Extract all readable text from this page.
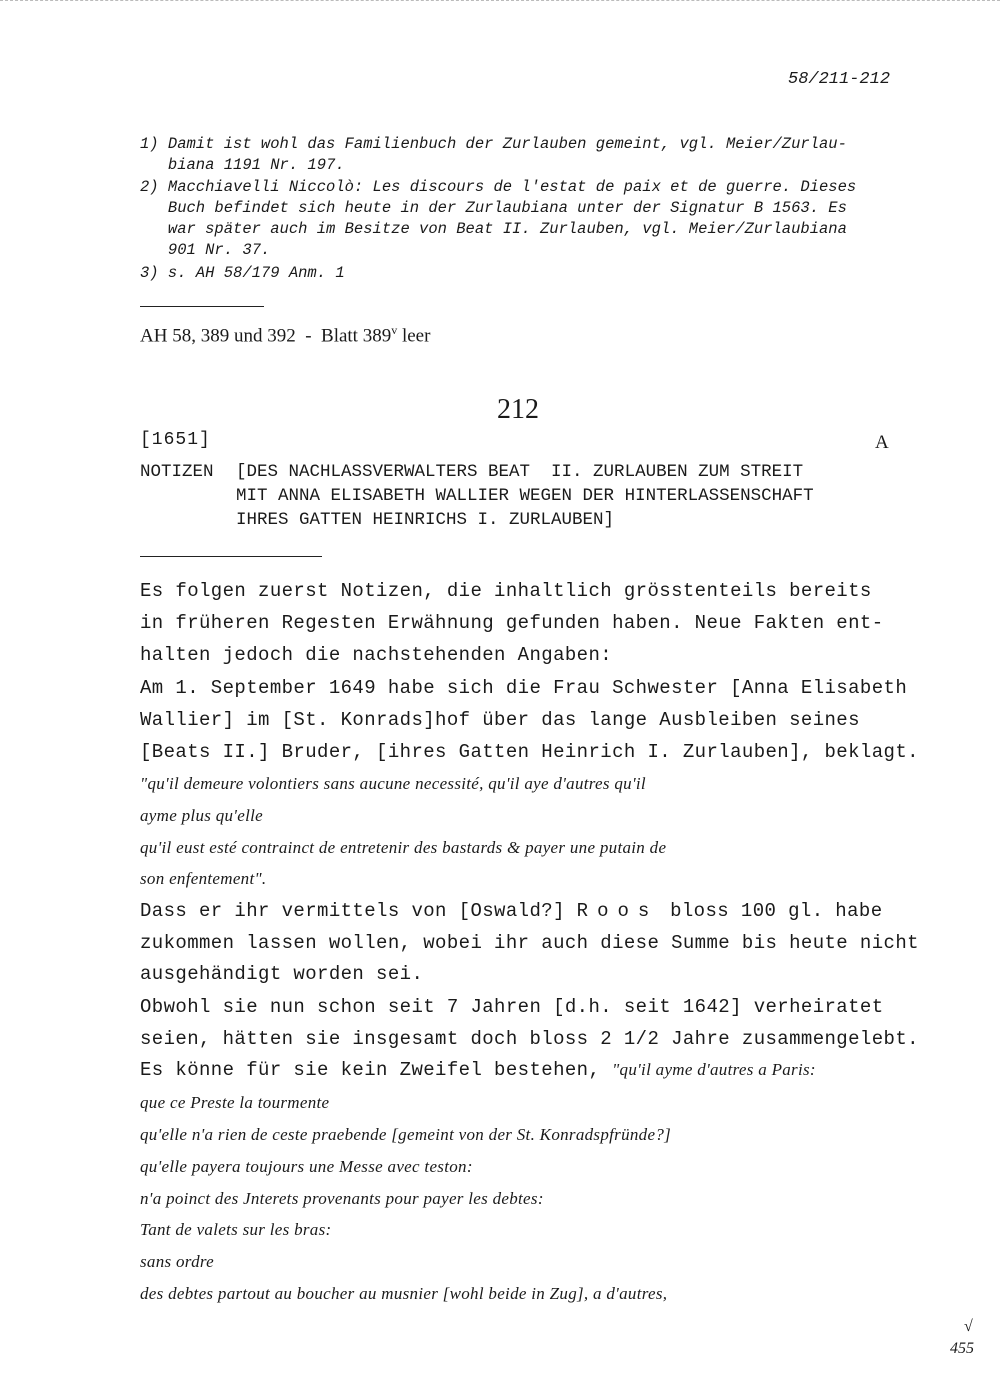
58/211-212
1) Damit ist wohl das Familienbuch der Zurlauben gemeint, vgl. Meier/Zurlau-
biana 1191 Nr. 197.
2) Macchiavelli Niccolò: Les discours de l'estat de paix et de guerre. Dieses
Buch befindet sich heute in der Zurlaubiana unter der Signatur B 1563. Es
war später auch im Besitze von Beat II. Zurlauben, vgl. Meier/Zurlaubiana
901 Nr. 37.
3) s. AH 58/179 Anm. 1
AH 58, 389 und 392  -  Blatt 389$^v$ leer
212
[1651]	A
NOTIZEN [DES NACHLASSVERWALTERS BEAT  II. ZURLAUBEN ZUM STREIT
MIT ANNA ELISABETH WALLIER WEGEN DER HINTERLASSENSCHAFT
IHRES GATTEN HEINRICHS I. ZURLAUBEN]
Es folgen zuerst Notizen, die inhaltlich grösstenteils bereits
in früheren Regesten Erwähnung gefunden haben. Neue Fakten ent-
halten jedoch die nachstehenden Angaben:
Am 1. September 1649 habe sich die Frau Schwester [Anna Elisabeth
Wallier] im [St. Konrads]hof über das lange Ausbleiben seines
[Beats II.] Bruder, [ihres Gatten Heinrich I. Zurlauben], beklagt.
"qu'il demeure volontiers sans aucune necessité, qu'il aye d'autres qu'il
ayme plus qu'elle
qu'il eust esté contrainct de entretenir des bastards & payer une putain de
son enfentement".
Dass er ihr vermittels von [Oswald?] Roos bloss 100 gl. habe
zukommen lassen wollen, wobei ihr auch diese Summe bis heute nicht
ausgehändigt worden sei.
Obwohl sie nun schon seit 7 Jahren [d.h. seit 1642] verheiratet
seien, hätten sie insgesamt doch bloss 2 1/2 Jahre zusammengelebt.
Es könne für sie kein Zweifel bestehen, "qu'il ayme d'autres a Paris:
que ce Preste la tourmente
qu'elle n'a rien de ceste praebende [gemeint von der St. Konradspfründe?]
qu'elle payera toujours une Messe avec teston:
n'a poinct des Jnterets provenants pour payer les debtes:
Tant de valets sur les bras:
sans ordre
des debtes partout au boucher au musnier [wohl beide in Zug], a d'autres,
√
455
